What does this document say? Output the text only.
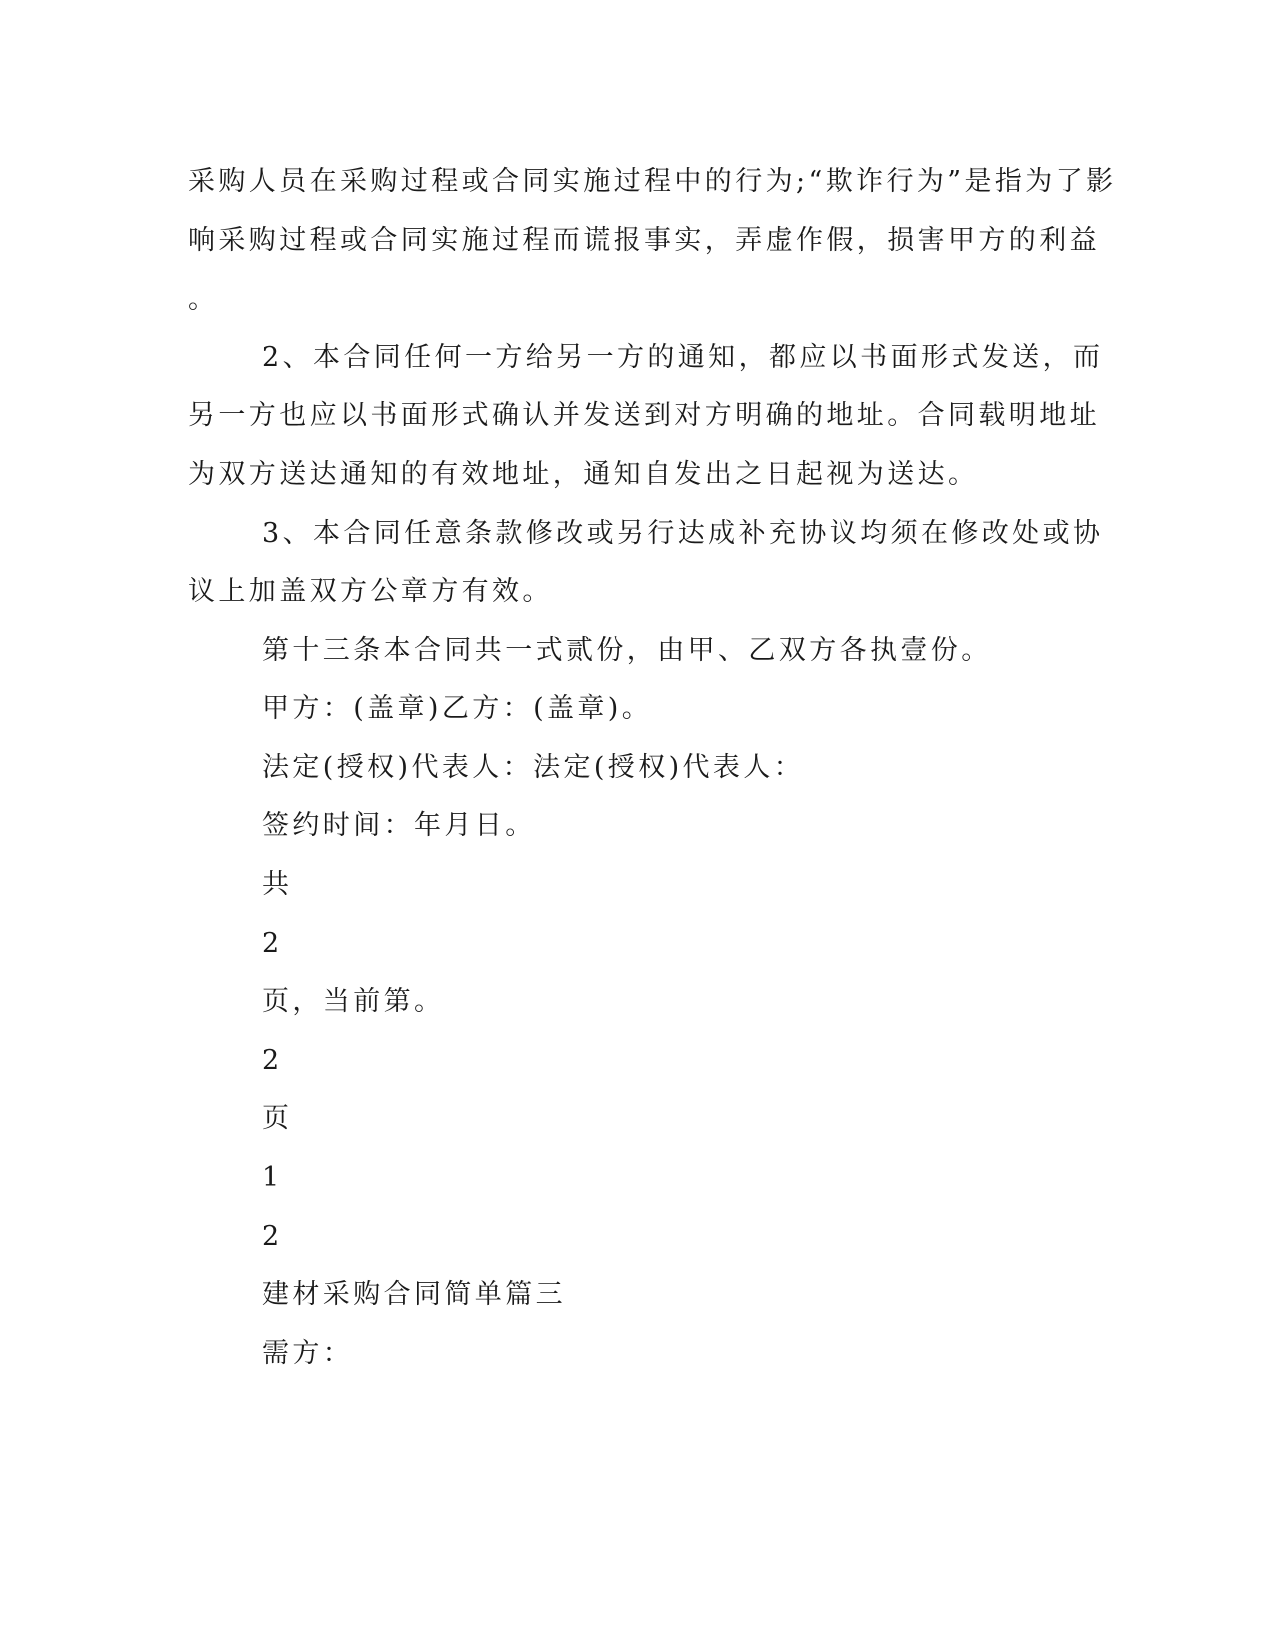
采购人员在采购过程或合同实施过程中的行为;“欺诈行为”是指为了影
响采购过程或合同实施过程而谎报事实，弄虚作假，损害甲方的利益
。
2、本合同任何一方给另一方的通知，都应以书面形式发送，而
另一方也应以书面形式确认并发送到对方明确的地址。合同载明地址
为双方送达通知的有效地址，通知自发出之日起视为送达。
3、本合同任意条款修改或另行达成补充协议均须在修改处或协
议上加盖双方公章方有效。
第十三条本合同共一式贰份，由甲、乙双方各执壹份。
甲方：(盖章)乙方：(盖章)。
法定(授权)代表人：法定(授权)代表人：
签约时间：年月日。
共
2
页，当前第。
2
页
1
2
建材采购合同简单篇三
需方：
